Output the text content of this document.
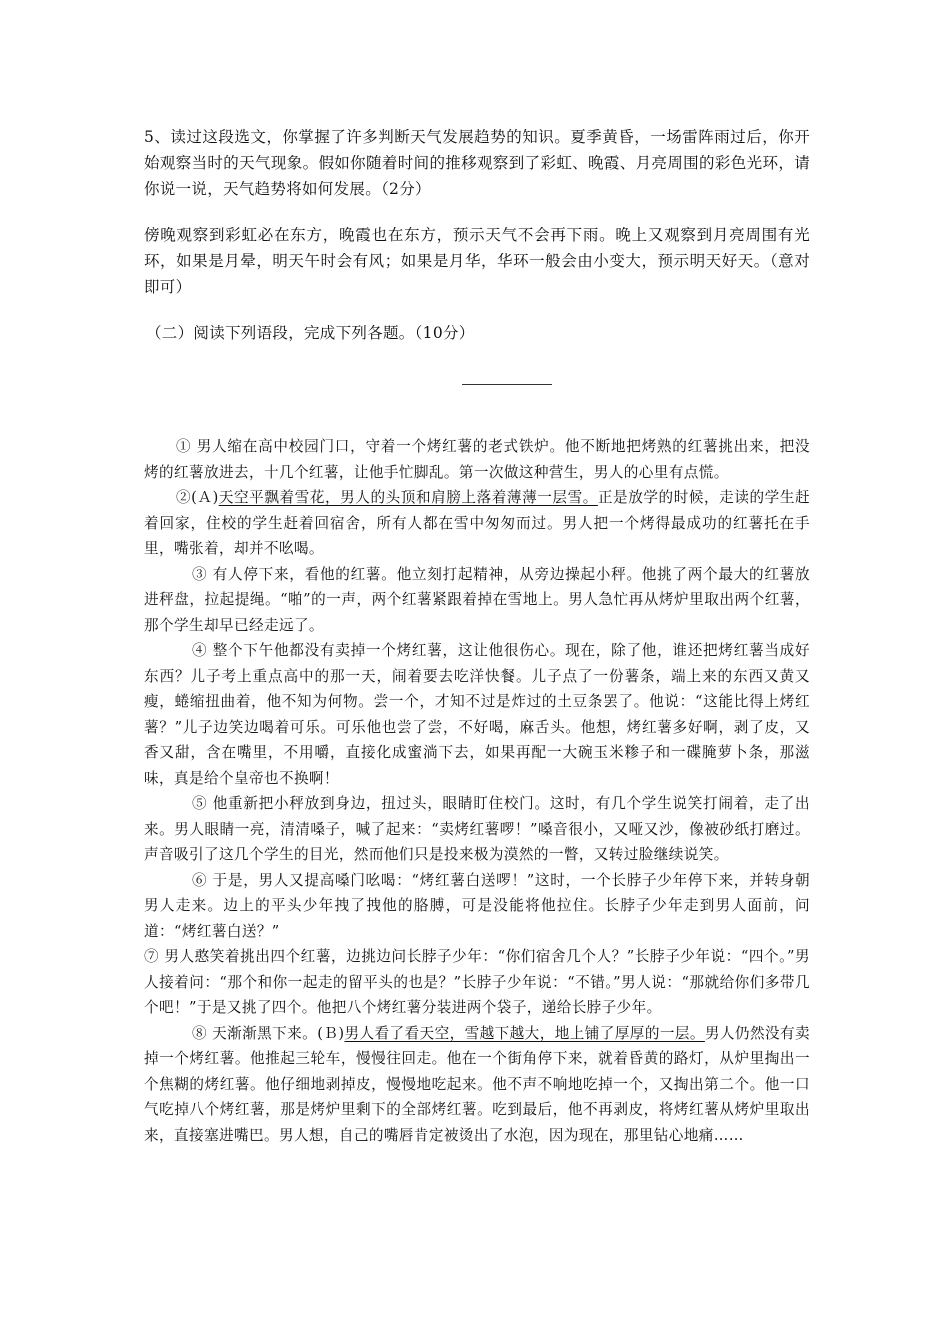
5、读过这段选文，你掌握了许多判断天气发展趋势的知识。夏季黄昏，一场雷阵雨过后，你开始观察当时的天气现象。假如你随着时间的推移观察到了彩虹、晚霞、月亮周围的彩色光环，请你说一说，天气趋势将如何发展。（2分）

傍晚观察到彩虹必在东方，晚霞也在东方，预示天气不会再下雨。晚上又观察到月亮周围有光环，如果是月晕，明天午时会有风；如果是月华，华环一般会由小变大，预示明天好天。（意对即可）

（二）阅读下列语段，完成下列各题。（10分）

① 男人缩在高中校园门口，守着一个烤红薯的老式铁炉。他不断地把烤熟的红薯挑出来，把没烤的红薯放进去，十几个红薯，让他手忙脚乱。第一次做这种营生，男人的心里有点慌。

②(Ａ)天空平飘着雪花，男人的头顶和肩膀上落着薄薄一层雪。正是放学的时候，走读的学生赶着回家，住校的学生赶着回宿舍，所有人都在雪中匆匆而过。男人把一个烤得最成功的红薯托在手里，嘴张着，却并不吆喝。

③ 有人停下来，看他的红薯。他立刻打起精神，从旁边操起小秤。他挑了两个最大的红薯放进秤盘，拉起提绳。“啪”的一声，两个红薯紧跟着掉在雪地上。男人急忙再从烤炉里取出两个红薯，那个学生却早已经走远了。

④ 整个下午他都没有卖掉一个烤红薯，这让他很伤心。现在，除了他，谁还把烤红薯当成好东西？儿子考上重点高中的那一天，闹着要去吃洋快餐。儿子点了一份薯条，端上来的东西又黄又瘦，蜷缩扭曲着，他不知为何物。尝一个，才知不过是炸过的土豆条罢了。他说：“这能比得上烤红薯？”儿子边笑边喝着可乐。可乐他也尝了尝，不好喝，麻舌头。他想，烤红薯多好啊，剥了皮，又香又甜，含在嘴里，不用嚼，直接化成蜜淌下去，如果再配一大碗玉米糁子和一碟腌萝卜条，那滋味，真是给个皇帝也不换啊！

⑤ 他重新把小秤放到身边，扭过头，眼睛盯住校门。这时，有几个学生说笑打闹着，走了出来。男人眼睛一亮，清清嗓子，喊了起来：“卖烤红薯啰！”嗓音很小，又哑又沙，像被砂纸打磨过。声音吸引了这几个学生的目光，然而他们只是投来极为漠然的一瞥，又转过脸继续说笑。

⑥ 于是，男人又提高嗓门吆喝：“烤红薯白送啰！”这时，一个长脖子少年停下来，并转身朝男人走来。边上的平头少年拽了拽他的胳膊，可是没能将他拉住。长脖子少年走到男人面前，问道：“烤红薯白送？”

⑦ 男人憨笑着挑出四个红薯，边挑边问长脖子少年：“你们宿舍几个人？”长脖子少年说：“四个。”男人接着问：“那个和你一起走的留平头的也是？”长脖子少年说：“不错。”男人说：“那就给你们多带几个吧！”于是又挑了四个。他把八个烤红薯分装进两个袋子，递给长脖子少年。

⑧ 天渐渐黑下来。(Ｂ)男人看了看天空，雪越下越大，地上铺了厚厚的一层。男人仍然没有卖掉一个烤红薯。他推起三轮车，慢慢往回走。他在一个街角停下来，就着昏黄的路灯，从炉里掏出一个焦糊的烤红薯。他仔细地剥掉皮，慢慢地吃起来。他不声不响地吃掉一个，又掏出第二个。他一口气吃掉八个烤红薯，那是烤炉里剩下的全部烤红薯。吃到最后，他不再剥皮，将烤红薯从烤炉里取出来，直接塞进嘴巴。男人想，自己的嘴唇肯定被烫出了水泡，因为现在，那里钻心地痛……
